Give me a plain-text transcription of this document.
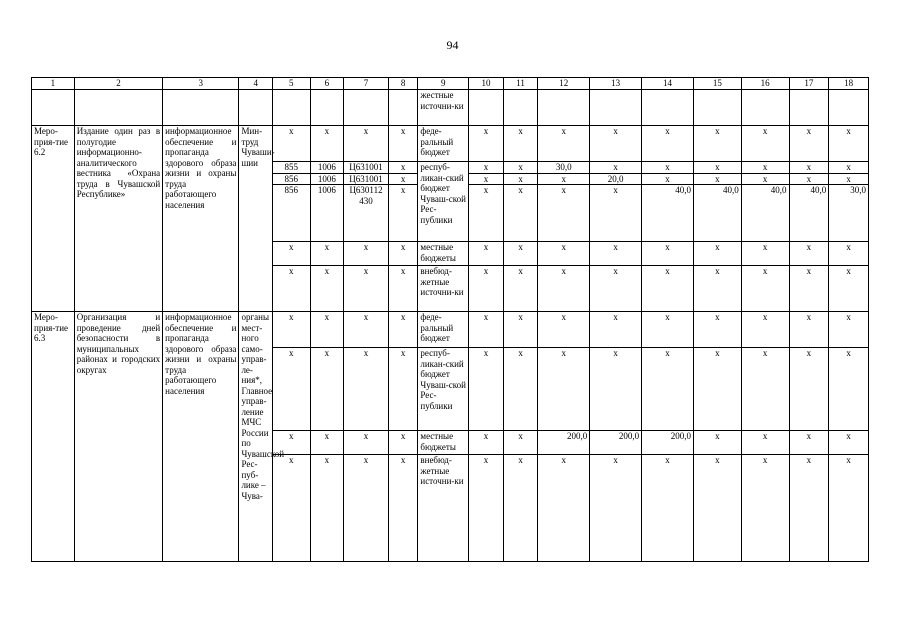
94
1	2	3	4	5	6	7	8	9	10	11	12	13	14	15	16	17	18
								жестные источни-ки									
Меро-прия-тие 6.2	Издание один раз в полугодие информационно-аналитического вестника «Охрана труда в Чувашской Республике»	информационное обеспечение и пропаганда здорового образа жизни и охраны труда работающего населения	Мин-труд Чуваши-шии	x	x	x	x	феде-ральный бюджет	x	x	x	x	x	x	x	x	x
				855	1006	Ц631001	x	респуб-ликан-ский бюджет Чуваш-ской Рес-публики	x	x	30,0	x	x	x	x	x	x
				856	1006	Ц631001	x		x	x	x	20,0	x	x	x	x	x
				856	1006	Ц630112 430	x		x	x	x	x	40,0	40,0	40,0	40,0	30,0
				x	x	x	x	местные бюджеты	x	x	x	x	x	x	x	x	x
				x	x	x	x	внебюд-жетные источни-ки	x	x	x	x	x	x	x	x	x
Меро-прия-тие 6.3	Организация и проведение дней безопасности в муниципальных районах и городских округах	информационное обеспечение и пропаганда здорового образа жизни и охраны труда работающего населения	органы мест-ного само-управ-ле-ния*, Главное управ-ление МЧС России по Чувашской Рес-пуб-лике – Чува-	x	x	x	x	феде-ральный бюджет	x	x	x	x	x	x	x	x	x
				x	x	x	x	респуб-ликан-ский бюджет Чуваш-ской Рес-публики	x	x	x	x	x	x	x	x	x
				x	x	x	x	местные бюджеты	x	x	200,0	200,0	200,0	x	x	x	x
				x	x	x	x	внебюд-жетные источни-ки	x	x	x	x	x	x	x	x	x
